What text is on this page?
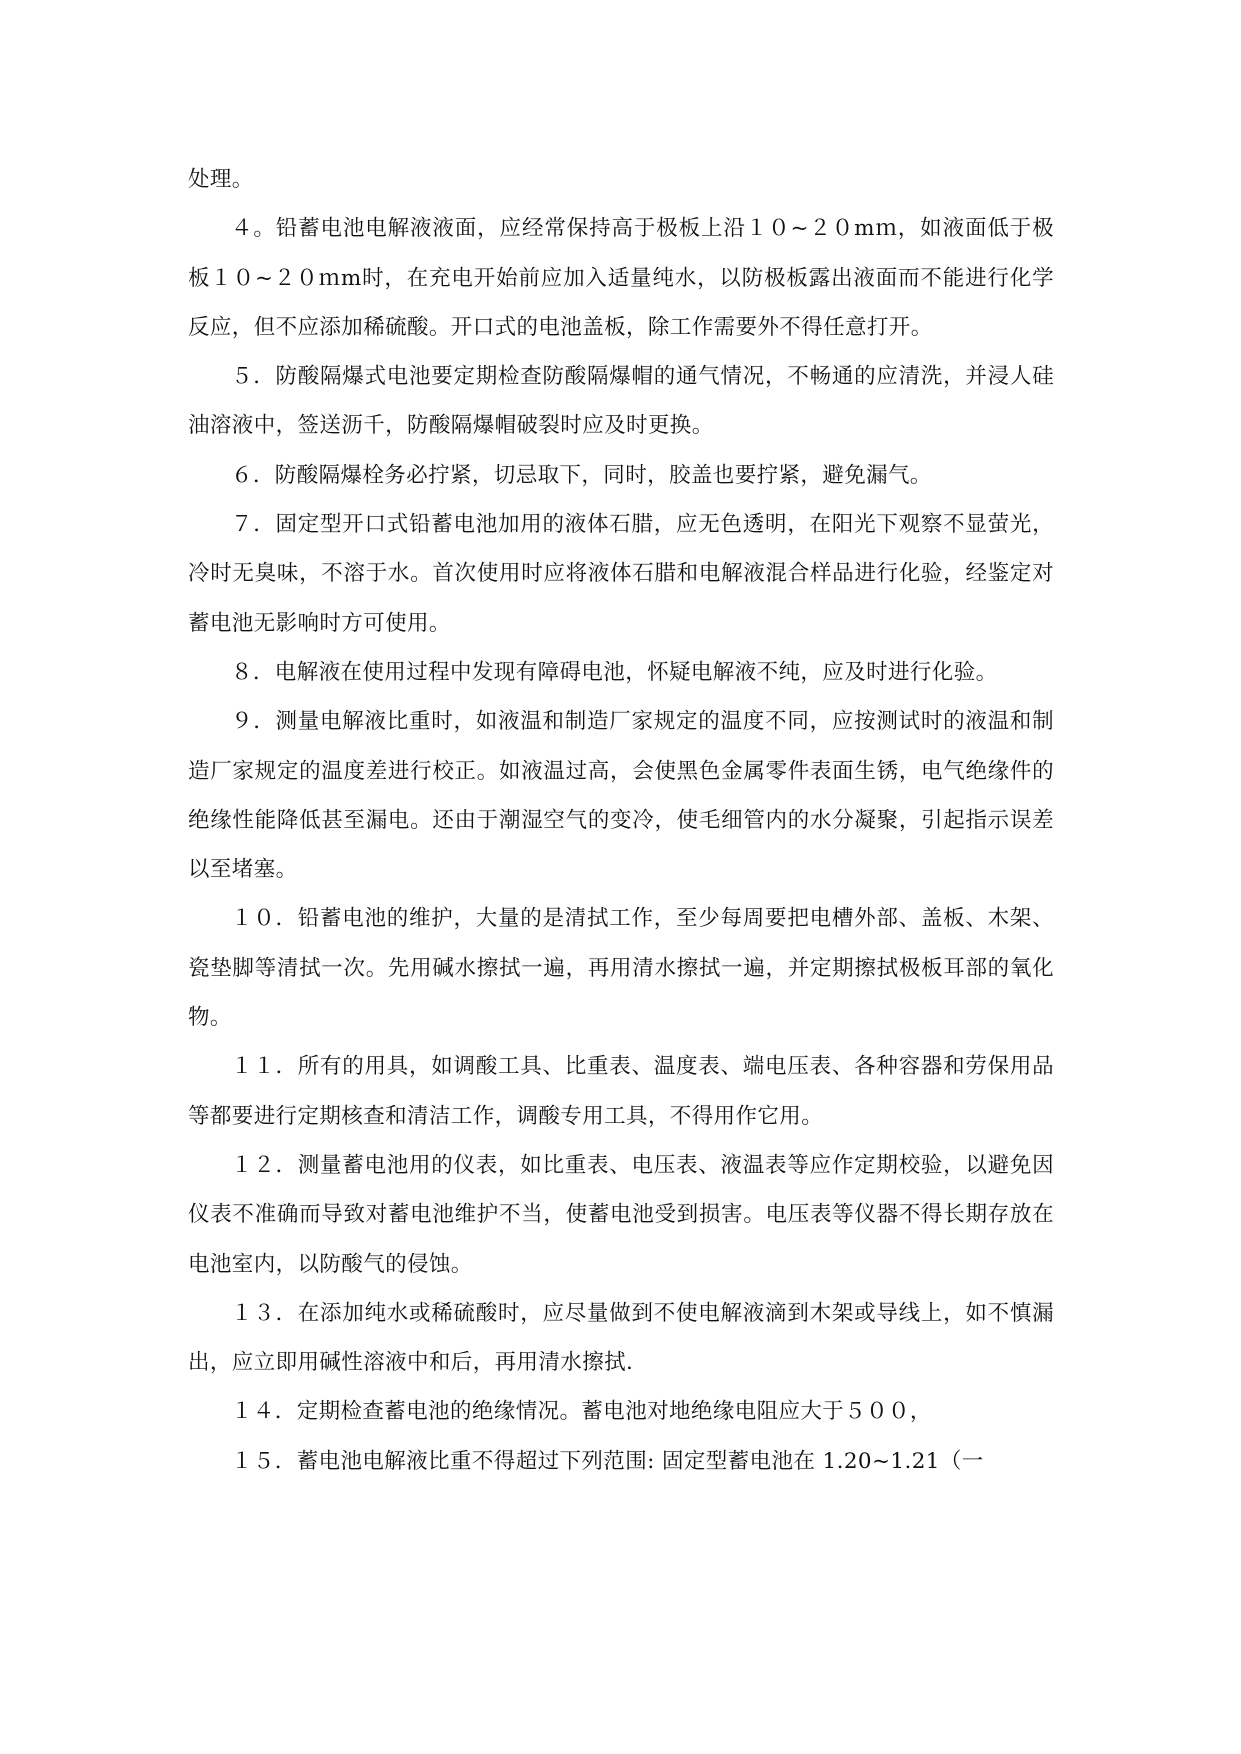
处理。

４。铅蓄电池电解液液面，应经常保持高于极板上沿１０~２０mｍ，如液面低于极板１０~２０ｍm时，在充电开始前应加入适量纯水，以防极板露出液面而不能进行化学反应，但不应添加稀硫酸。开口式的电池盖板，除工作需要外不得任意打开。

５．防酸隔爆式电池要定期检查防酸隔爆帽的通气情况，不畅通的应清洗，并浸人硅油溶液中，签送沥千，防酸隔爆帽破裂时应及时更换。

６．防酸隔爆栓务必拧紧，切忌取下，同时，胶盖也要拧紧，避免漏气。

７．固定型开口式铅蓄电池加用的液体石腊，应无色透明，在阳光下观察不显萤光，冷时无臭味，不溶于水。首次使用时应将液体石腊和电解液混合样品进行化验，经鉴定对蓄电池无影响时方可使用。

８．电解液在使用过程中发现有障碍电池，怀疑电解液不纯，应及时进行化验。

９．测量电解液比重时，如液温和制造厂家规定的温度不同，应按测试时的液温和制造厂家规定的温度差进行校正。如液温过高，会使黑色金属零件表面生锈，电气绝缘件的绝缘性能降低甚至漏电。还由于潮湿空气的变冷，使毛细管内的水分凝聚，引起指示误差以至堵塞。

１０．铅蓄电池的维护，大量的是清拭工作，至少每周要把电槽外部、盖板、木架、瓷垫脚等清拭一次。先用碱水擦拭一遍，再用清水擦拭一遍，并定期擦拭极板耳部的氧化物。

１１．所有的用具，如调酸工具、比重表、温度表、端电压表、各种容器和劳保用品等都要进行定期核查和清洁工作，调酸专用工具，不得用作它用。

１２．测量蓄电池用的仪表，如比重表、电压表、液温表等应作定期校验，以避免因仪表不准确而导致对蓄电池维护不当，使蓄电池受到损害。电压表等仪器不得长期存放在电池室内，以防酸气的侵蚀。

１３．在添加纯水或稀硫酸时，应尽量做到不使电解液滴到木架或导线上，如不慎漏出，应立即用碱性溶液中和后，再用清水擦拭.

１４．定期检查蓄电池的绝缘情况。蓄电池对地绝缘电阻应大于５００，

１５．蓄电池电解液比重不得超过下列范围: 固定型蓄电池在 1.20~1.21（一
